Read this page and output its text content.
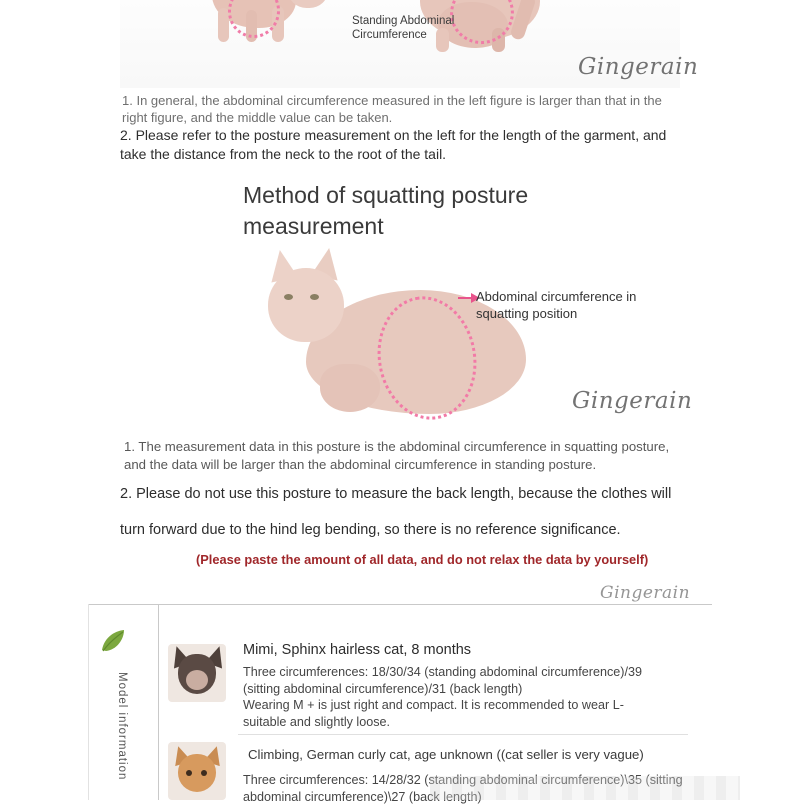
Standing Abdominal Circumference
Gingerain
1. In general, the abdominal circumference measured in the left figure is larger than that in the right figure, and the middle value can be taken.
2. Please refer to the posture measurement on the left for the length of the garment, and take the distance from the neck to the root of the tail.
Method of squatting posture measurement
Abdominal circumference in squatting position
Gingerain
1. The measurement data in this posture is the abdominal circumference in squatting posture, and the data will be larger than the abdominal circumference in standing posture.
2. Please do not use this posture to measure the back length, because the clothes will turn forward due to the hind leg bending, so there is no reference significance.
(Please paste the amount of all data, and do not relax the data by yourself)
Gingerain
Model information
Mimi, Sphinx hairless cat, 8 months
Three circumferences: 18/30/34 (standing abdominal circumference)/39 (sitting abdominal circumference)/31 (back length)
Wearing M + is just right and compact. It is recommended to wear L-suitable and slightly loose.
Climbing, German curly cat, age unknown ((cat seller is very vague)
Three circumferences: 14/28/32 (standing abdominal circumference)\35 (sitting abdominal circumference)\27 (back length)
